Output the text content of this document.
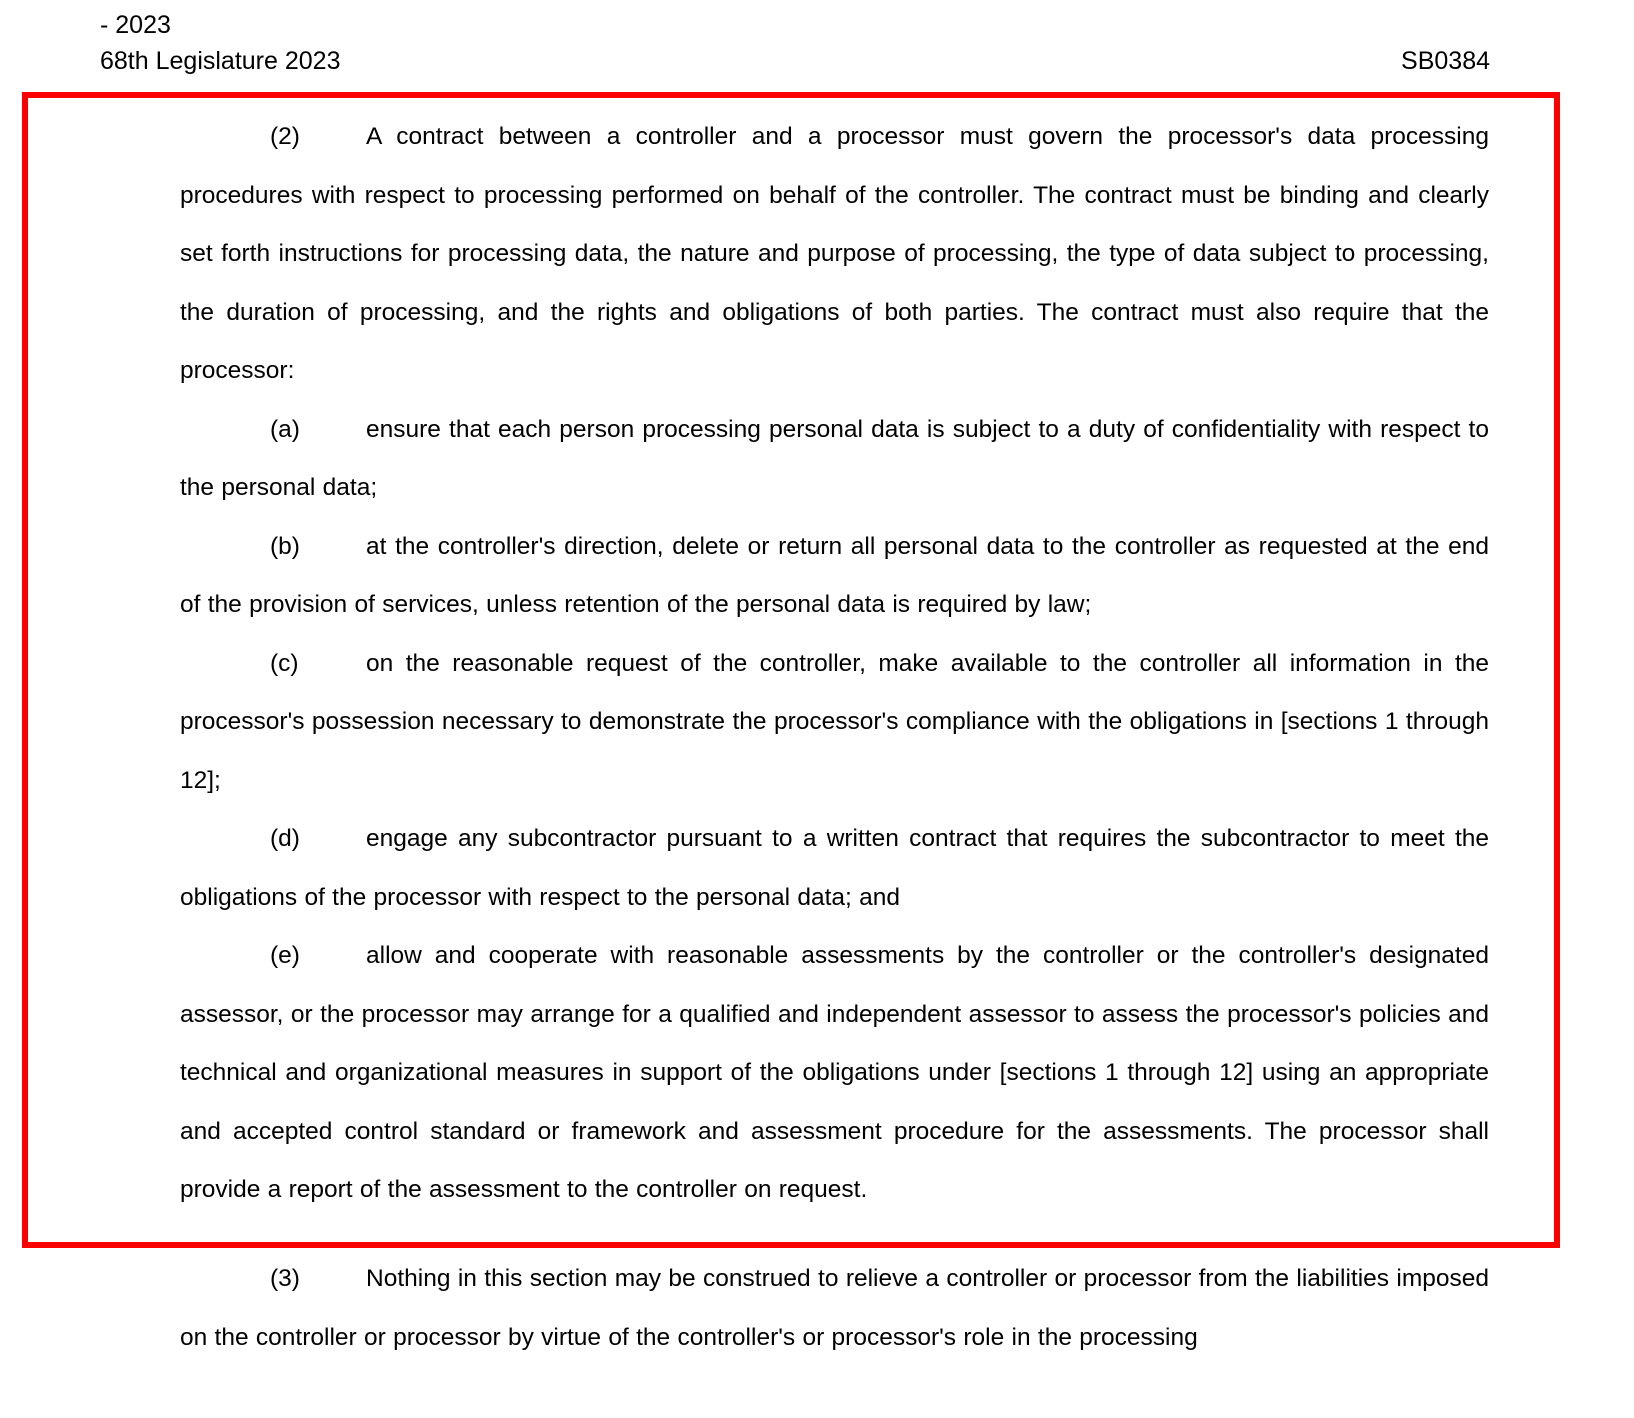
- 2023
68th Legislature 2023	SB0384

(2)	A contract between a controller and a processor must govern the processor's data processing procedures with respect to processing performed on behalf of the controller. The contract must be binding and clearly set forth instructions for processing data, the nature and purpose of processing, the type of data subject to processing, the duration of processing, and the rights and obligations of both parties. The contract must also require that the processor:

(a)	ensure that each person processing personal data is subject to a duty of confidentiality with respect to the personal data;

(b)	at the controller's direction, delete or return all personal data to the controller as requested at the end of the provision of services, unless retention of the personal data is required by law;

(c)	on the reasonable request of the controller, make available to the controller all information in the processor's possession necessary to demonstrate the processor's compliance with the obligations in [sections 1 through 12];

(d)	engage any subcontractor pursuant to a written contract that requires the subcontractor to meet the obligations of the processor with respect to the personal data; and

(e)	allow and cooperate with reasonable assessments by the controller or the controller's designated assessor, or the processor may arrange for a qualified and independent assessor to assess the processor's policies and technical and organizational measures in support of the obligations under [sections 1 through 12] using an appropriate and accepted control standard or framework and assessment procedure for the assessments. The processor shall provide a report of the assessment to the controller on request.

(3)	Nothing in this section may be construed to relieve a controller or processor from the liabilities imposed on the controller or processor by virtue of the controller's or processor's role in the processing
